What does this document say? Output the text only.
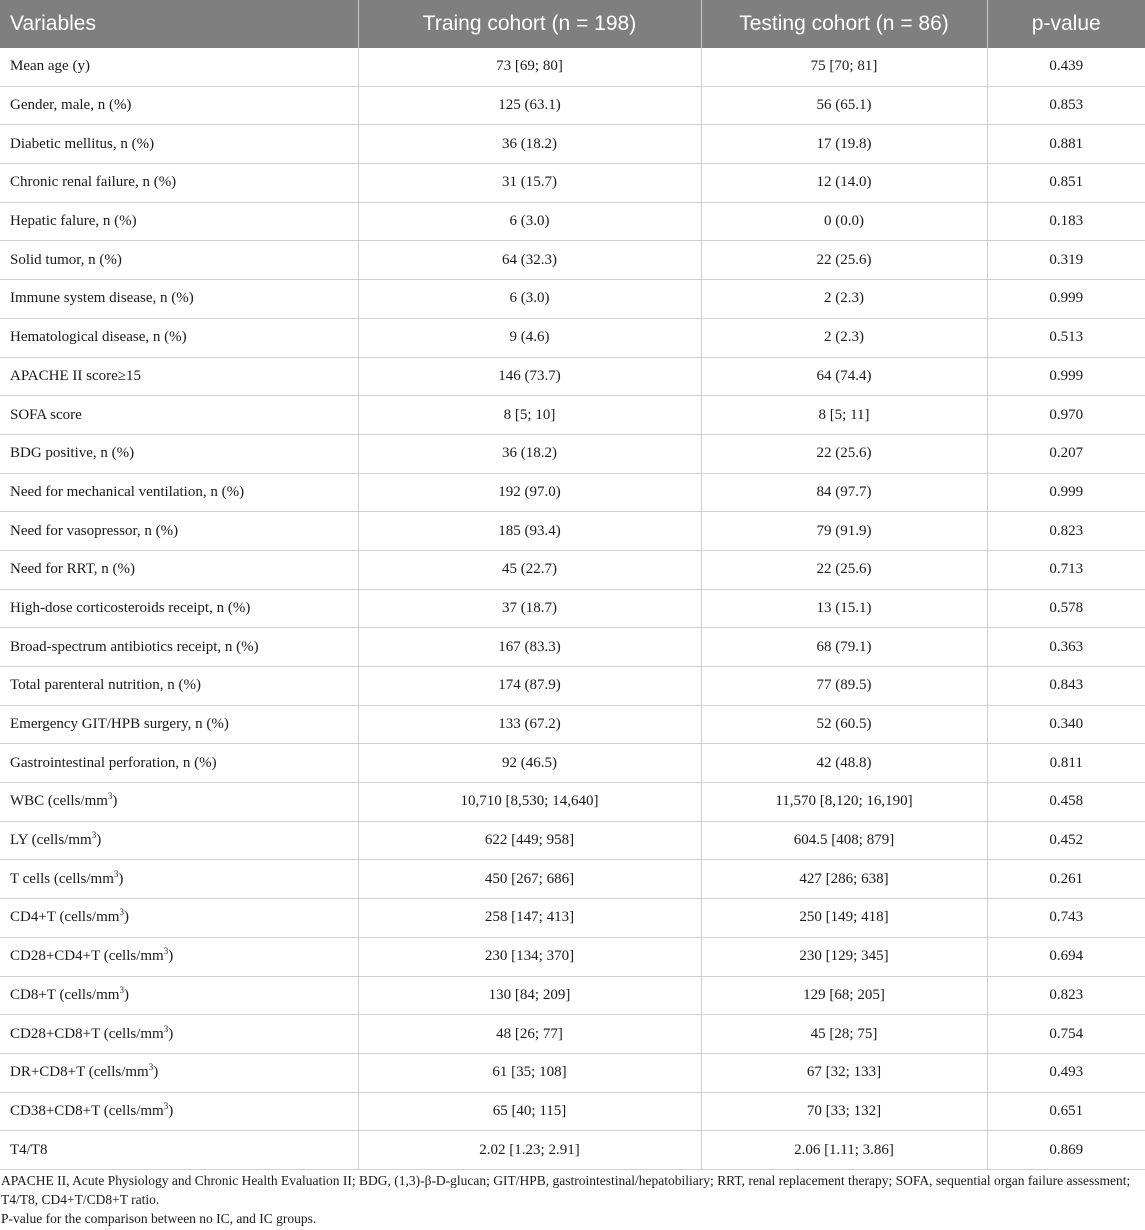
Variables	Traing cohort (n = 198)	Testing cohort (n = 86)	p-value
Mean age (y)	73 [69; 80]	75 [70; 81]	0.439
Gender, male, n (%)	125 (63.1)	56 (65.1)	0.853
Diabetic mellitus, n (%)	36 (18.2)	17 (19.8)	0.881
Chronic renal failure, n (%)	31 (15.7)	12 (14.0)	0.851
Hepatic falure, n (%)	6 (3.0)	0 (0.0)	0.183
Solid tumor, n (%)	64 (32.3)	22 (25.6)	0.319
Immune system disease, n (%)	6 (3.0)	2 (2.3)	0.999
Hematological disease, n (%)	9 (4.6)	2 (2.3)	0.513
APACHE II score≥15	146 (73.7)	64 (74.4)	0.999
SOFA score	8 [5; 10]	8 [5; 11]	0.970
BDG positive, n (%)	36 (18.2)	22 (25.6)	0.207
Need for mechanical ventilation, n (%)	192 (97.0)	84 (97.7)	0.999
Need for vasopressor, n (%)	185 (93.4)	79 (91.9)	0.823
Need for RRT, n (%)	45 (22.7)	22 (25.6)	0.713
High-dose corticosteroids receipt, n (%)	37 (18.7)	13 (15.1)	0.578
Broad-spectrum antibiotics receipt, n (%)	167 (83.3)	68 (79.1)	0.363
Total parenteral nutrition, n (%)	174 (87.9)	77 (89.5)	0.843
Emergency GIT/HPB surgery, n (%)	133 (67.2)	52 (60.5)	0.340
Gastrointestinal perforation, n (%)	92 (46.5)	42 (48.8)	0.811
WBC $(cells/mm^3)$	10,710 [8,530; 14,640]	11,570 [8,120; 16,190]	0.458
LY $(cells/mm^3)$	622 [449; 958]	604.5 [408; 879]	0.452
T cells $(cells/mm^3)$	450 [267; 686]	427 [286; 638]	0.261
CD4+T $(cells/mm^3)$	258 [147; 413]	250 [149; 418]	0.743
CD28+CD4+T $(cells/mm^3)$	230 [134; 370]	230 [129; 345]	0.694
CD8+T $(cells/mm^3)$	130 [84; 209]	129 [68; 205]	0.823
CD28+CD8+T $(cells/mm^3)$	48 [26; 77]	45 [28; 75]	0.754
DR+CD8+T $(cells/mm^3)$	61 [35; 108]	67 [32; 133]	0.493
CD38+CD8+T $(cells/mm^3)$	65 [40; 115]	70 [33; 132]	0.651
T4/T8	2.02 [1.23; 2.91]	2.06 [1.11; 3.86]	0.869

APACHE II, Acute Physiology and Chronic Health Evaluation II; BDG, (1,3)-β-D-glucan; GIT/HPB, gastrointestinal/hepatobiliary; RRT, renal replacement therapy; SOFA, sequential organ failure assessment; T4/T8, CD4+T/CD8+T ratio.

P-value for the comparison between no IC, and IC groups.
